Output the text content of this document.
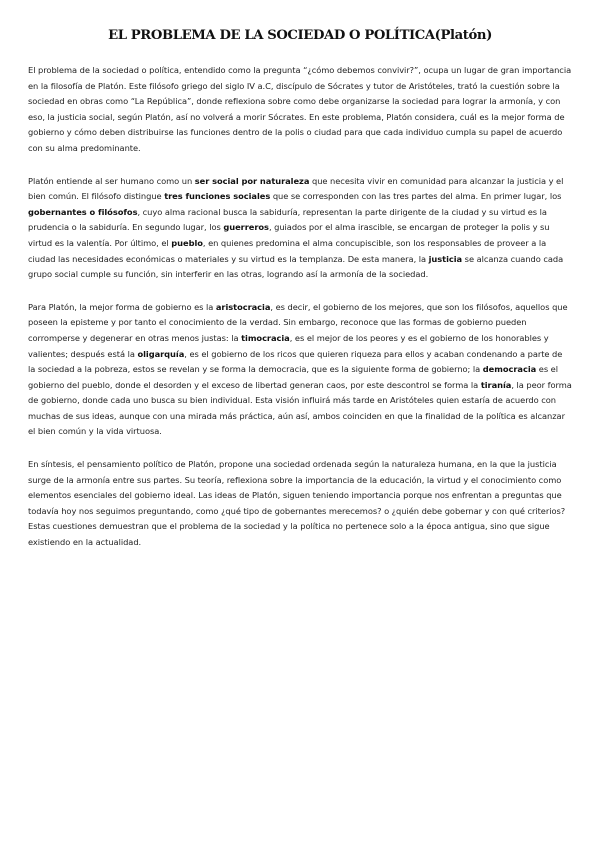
EL PROBLEMA DE LA SOCIEDAD O POLÍTICA(Platón)

El problema de la sociedad o política, entendido como la pregunta “¿cómo debemos convivir?”, ocupa un lugar de gran importancia en la filosofía de Platón. Este filósofo griego del siglo IV a.C, discípulo de Sócrates y tutor de Aristóteles, trató la cuestión sobre la sociedad en obras como “La República”, donde reflexiona sobre como debe organizarse la sociedad para lograr la armonía, y con eso, la justicia social, según Platón, así no volverá a morir Sócrates. En este problema, Platón considera, cuál es la mejor forma de gobierno y cómo deben distribuirse las funciones dentro de la polis o ciudad para que cada individuo cumpla su papel de acuerdo con su alma predominante.

Platón entiende al ser humano como un ser social por naturaleza que necesita vivir en comunidad para alcanzar la justicia y el bien común. El filósofo distingue tres funciones sociales que se corresponden con las tres partes del alma. En primer lugar, los gobernantes o filósofos, cuyo alma racional busca la sabiduría, representan la parte dirigente de la ciudad y su virtud es la prudencia o la sabiduría. En segundo lugar, los guerreros, guiados por el alma irascible, se encargan de proteger la polis y su virtud es la valentía. Por último, el pueblo, en quienes predomina el alma concupiscible, son los responsables de proveer a la ciudad las necesidades económicas o materiales y su virtud es la templanza. De esta manera, la justicia se alcanza cuando cada grupo social cumple su función, sin interferir en las otras, logrando así la armonía de la sociedad.

Para Platón, la mejor forma de gobierno es la aristocracia, es decir, el gobierno de los mejores, que son los filósofos, aquellos que poseen la episteme y por tanto el conocimiento de la verdad. Sin embargo, reconoce que las formas de gobierno pueden corromperse y degenerar en otras menos justas: la timocracia, es el mejor de los peores y es el gobierno de los honorables y valientes; después está la oligarquía, es el gobierno de los ricos que quieren riqueza para ellos y acaban condenando a parte de la sociedad a la pobreza, estos se revelan y se forma la democracia, que es la siguiente forma de gobierno; la democracia es el gobierno del pueblo, donde el desorden y el exceso de libertad generan caos, por este descontrol se forma la tiranía, la peor forma de gobierno, donde cada uno busca su bien individual. Esta visión influirá más tarde en Aristóteles quien estaría de acuerdo con muchas de sus ideas, aunque con una mirada más práctica, aún así, ambos coinciden en que la finalidad de la política es alcanzar el bien común y la vida virtuosa.

En síntesis, el pensamiento político de Platón, propone una sociedad ordenada según la naturaleza humana, en la que la justicia surge de la armonía entre sus partes. Su teoría, reflexiona sobre la importancia de la educación, la virtud y el conocimiento como elementos esenciales del gobierno ideal. Las ideas de Platón, siguen teniendo importancia porque nos enfrentan a preguntas que todavía hoy nos seguimos preguntando, como ¿qué tipo de gobernantes merecemos? o ¿quién debe gobernar y con qué criterios? Estas cuestiones demuestran que el problema de la sociedad y la política no pertenece solo a la época antigua, sino que sigue existiendo en la actualidad.
